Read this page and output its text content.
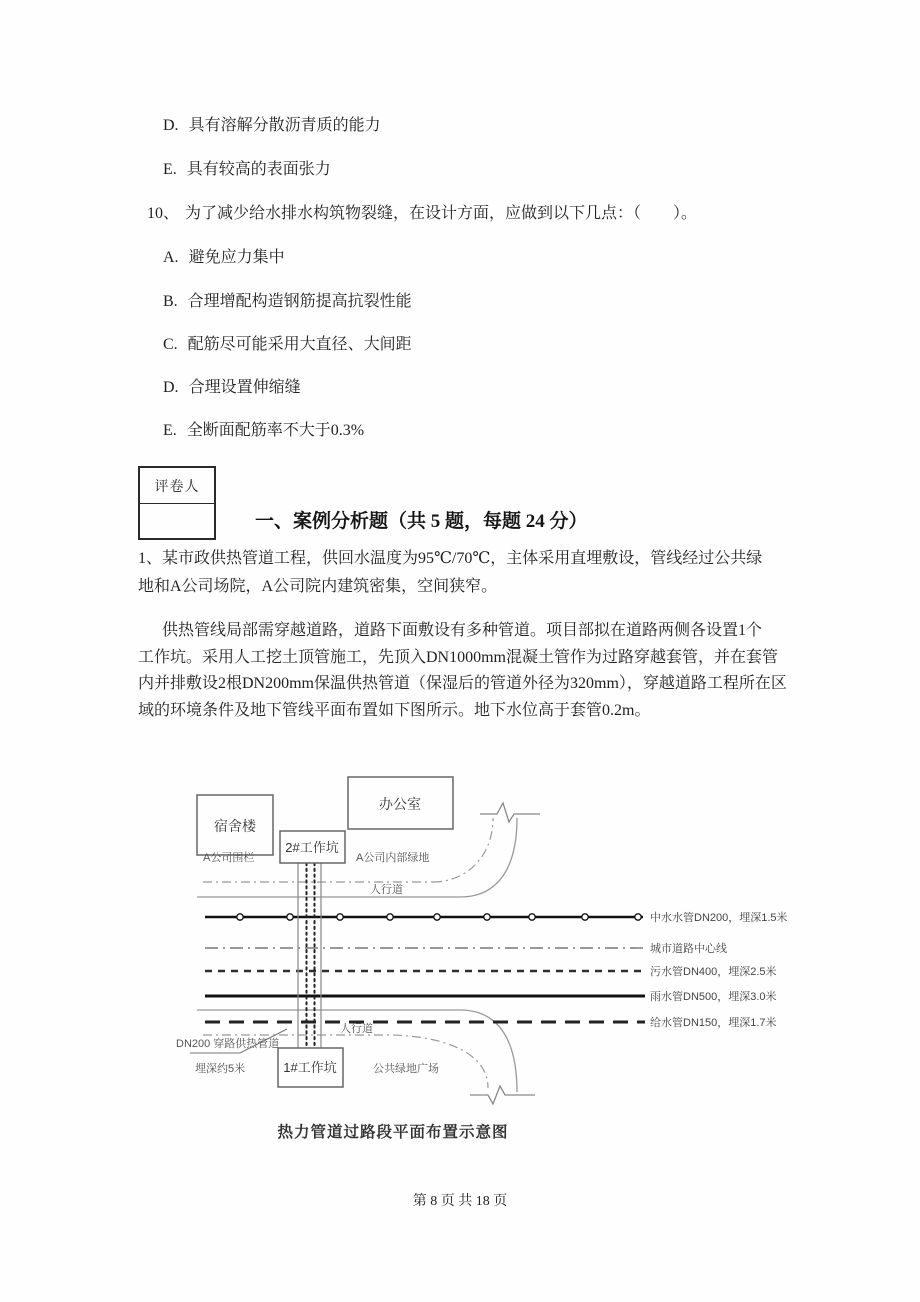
D. 具有溶解分散沥青质的能力
E. 具有较高的表面张力
10、 为了减少给水排水构筑物裂缝，在设计方面，应做到以下几点：（　　）。
A. 避免应力集中
B. 合理增配构造钢筋提高抗裂性能
C. 配筋尽可能采用大直径、大间距
D. 合理设置伸缩缝
E. 全断面配筋率不大于0.3%
评卷人
一、案例分析题（共 5 题，每题 24 分）
1、某市政供热管道工程，供回水温度为95℃/70℃，主体采用直埋敷设，管线经过公共绿
地和A公司场院，A公司院内建筑密集，空间狭窄。
供热管线局部需穿越道路，道路下面敷设有多种管道。项目部拟在道路两侧各设置1个
工作坑。采用人工挖土顶管施工，先顶入DN1000mm混凝土管作为过路穿越套管，并在套管
内并排敷设2根DN200mm保温供热管道（保湿后的管道外径为320mm），穿越道路工程所在区
域的环境条件及地下管线平面布置如下图所示。地下水位高于套管0.2m。
宿舍楼
办公室
2#工作坑
1#工作坑
A公司围栏	A公司内部绿地
人行道
人行道
DN200 穿路供热管道
埋深约5米	公共绿地广场
中水水管DN200，埋深1.5米
城市道路中心线
污水管DN400，埋深2.5米
雨水管DN500，埋深3.0米
给水管DN150，埋深1.7米
热力管道过路段平面布置示意图
第 8 页 共 18 页
